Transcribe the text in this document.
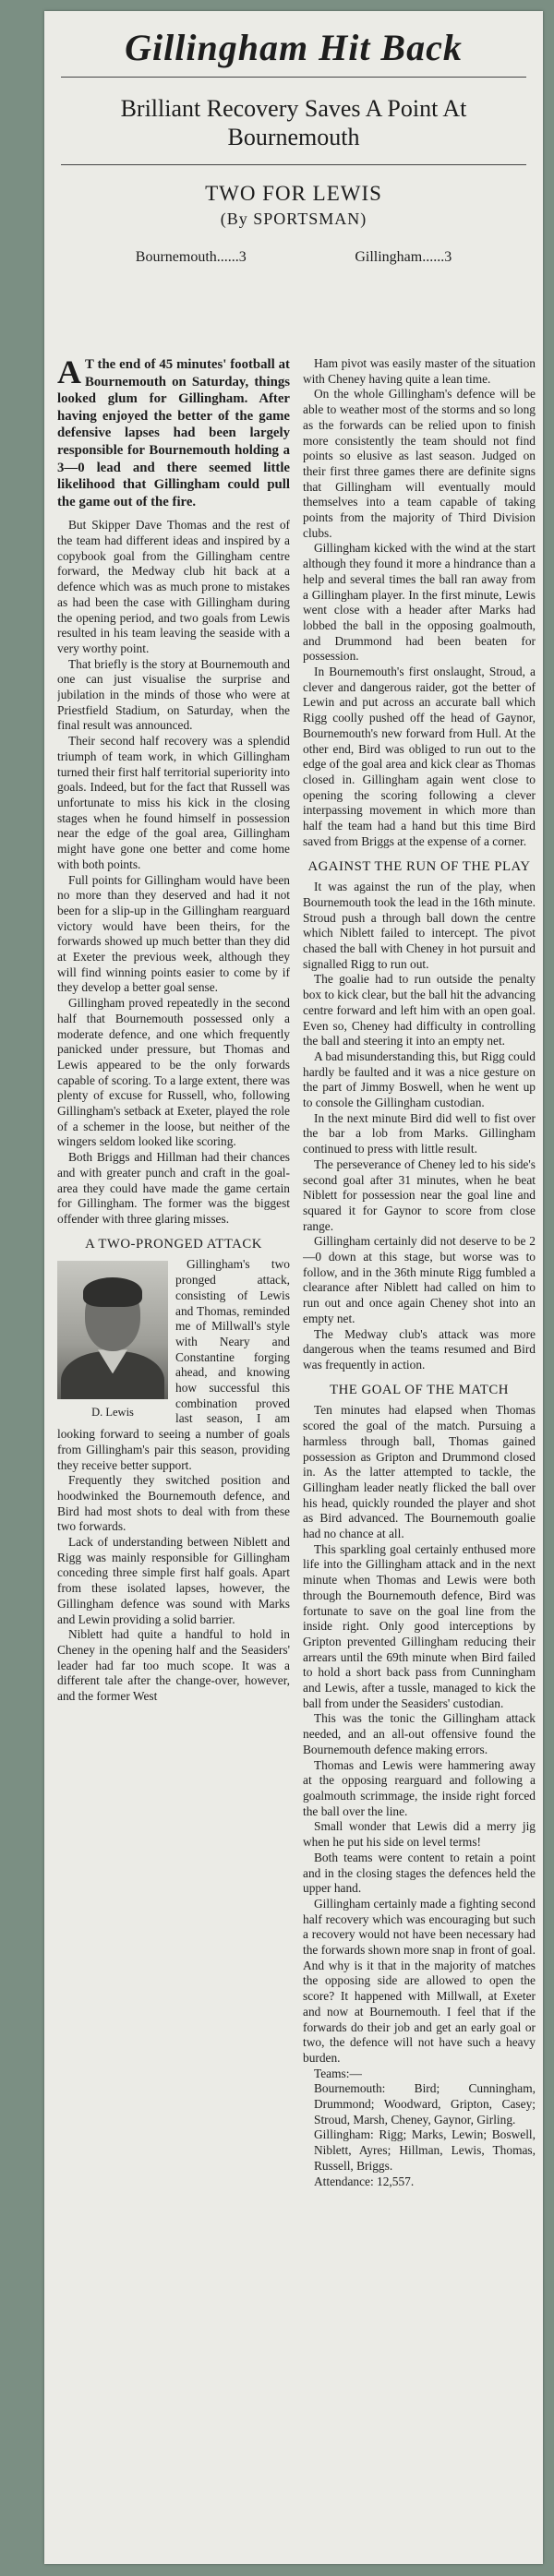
Gillingham Hit Back
Brilliant Recovery Saves A Point At Bournemouth
TWO FOR LEWIS
(By SPORTSMAN)
Bournemouth......3	Gillingham......3

A T the end of 45 minutes' football at Bournemouth on Saturday, things looked glum for Gillingham. After having enjoyed the better of the game defensive lapses had been largely responsible for Bournemouth holding a 3—0 lead and there seemed little likelihood that Gillingham could pull the game out of the fire.

But Skipper Dave Thomas and the rest of the team had different ideas and inspired by a copybook goal from the Gillingham centre forward, the Medway club hit back at a defence which was as much prone to mistakes as had been the case with Gillingham during the opening period, and two goals from Lewis resulted in his team leaving the seaside with a very worthy point.

That briefly is the story at Bournemouth and one can just visualise the surprise and jubilation in the minds of those who were at Priestfield Stadium, on Saturday, when the final result was announced.

Their second half recovery was a splendid triumph of team work, in which Gillingham turned their first half territorial superiority into goals. Indeed, but for the fact that Russell was unfortunate to miss his kick in the closing stages when he found himself in possession near the edge of the goal area, Gillingham might have gone one better and come home with both points.

Full points for Gillingham would have been no more than they deserved and had it not been for a slip-up in the Gillingham rearguard victory would have been theirs, for the forwards showed up much better than they did at Exeter the previous week, although they will find winning points easier to come by if they develop a better goal sense.

Gillingham proved repeatedly in the second half that Bournemouth possessed only a moderate defence, and one which frequently panicked under pressure, but Thomas and Lewis appeared to be the only forwards capable of scoring. To a large extent, there was plenty of excuse for Russell, who, following Gillingham's setback at Exeter, played the role of a schemer in the loose, but neither of the wingers seldom looked like scoring.

Both Briggs and Hillman had their chances and with greater punch and craft in the goal-area they could have made the game certain for Gillingham. The former was the biggest offender with three glaring misses.

A TWO-PRONGED ATTACK
D. Lewis

Gillingham's two pronged attack, consisting of Lewis and Thomas, reminded me of Millwall's style with Neary and Constantine forging ahead, and knowing how successful this combination proved last season, I am looking forward to seeing a number of goals from Gillingham's pair this season, providing they receive better support.

Frequently they switched position and hoodwinked the Bournemouth defence, and Bird had most shots to deal with from these two forwards.

Lack of understanding between Niblett and Rigg was mainly responsible for Gillingham conceding three simple first half goals. Apart from these isolated lapses, however, the Gillingham defence was sound with Marks and Lewin providing a solid barrier.

Niblett had quite a handful to hold in Cheney in the opening half and the Seasiders' leader had far too much scope. It was a different tale after the change-over, however, and the former West

Ham pivot was easily master of the situation with Cheney having quite a lean time.

On the whole Gillingham's defence will be able to weather most of the storms and so long as the forwards can be relied upon to finish more consistently the team should not find points so elusive as last season. Judged on their first three games there are definite signs that Gillingham will eventually mould themselves into a team capable of taking points from the majority of Third Division clubs.

Gillingham kicked with the wind at the start although they found it more a hindrance than a help and several times the ball ran away from a Gillingham player. In the first minute, Lewis went close with a header after Marks had lobbed the ball in the opposing goalmouth, and Drummond had been beaten for possession.

In Bournemouth's first onslaught, Stroud, a clever and dangerous raider, got the better of Lewin and put across an accurate ball which Rigg coolly pushed off the head of Gaynor, Bournemouth's new forward from Hull. At the other end, Bird was obliged to run out to the edge of the goal area and kick clear as Thomas closed in. Gillingham again went close to opening the scoring following a clever interpassing movement in which more than half the team had a hand but this time Bird saved from Briggs at the expense of a corner.

AGAINST THE RUN OF THE PLAY

It was against the run of the play, when Bournemouth took the lead in the 16th minute. Stroud push a through ball down the centre which Niblett failed to intercept. The pivot chased the ball with Cheney in hot pursuit and signalled Rigg to run out.

The goalie had to run outside the penalty box to kick clear, but the ball hit the advancing centre forward and left him with an open goal. Even so, Cheney had difficulty in controlling the ball and steering it into an empty net.

A bad misunderstanding this, but Rigg could hardly be faulted and it was a nice gesture on the part of Jimmy Boswell, when he went up to console the Gillingham custodian.

In the next minute Bird did well to fist over the bar a lob from Marks. Gillingham continued to press with little result.

The perseverance of Cheney led to his side's second goal after 31 minutes, when he beat Niblett for possession near the goal line and squared it for Gaynor to score from close range.

Gillingham certainly did not deserve to be 2—0 down at this stage, but worse was to follow, and in the 36th minute Rigg fumbled a clearance after Niblett had called on him to run out and once again Cheney shot into an empty net.

The Medway club's attack was more dangerous when the teams resumed and Bird was frequently in action.

THE GOAL OF THE MATCH

Ten minutes had elapsed when Thomas scored the goal of the match. Pursuing a harmless through ball, Thomas gained possession as Gripton and Drummond closed in. As the latter attempted to tackle, the Gillingham leader neatly flicked the ball over his head, quickly rounded the player and shot as Bird advanced. The Bournemouth goalie had no chance at all.

This sparkling goal certainly enthused more life into the Gillingham attack and in the next minute when Thomas and Lewis were both through the Bournemouth defence, Bird was fortunate to save on the goal line from the inside right. Only good interceptions by Gripton prevented Gillingham reducing their arrears until the 69th minute when Bird failed to hold a short back pass from Cunningham and Lewis, after a tussle, managed to kick the ball from under the Seasiders' custodian.

This was the tonic the Gillingham attack needed, and an all-out offensive found the Bournemouth defence making errors.

Thomas and Lewis were hammering away at the opposing rearguard and following a goalmouth scrimmage, the inside right forced the ball over the line.

Small wonder that Lewis did a merry jig when he put his side on level terms!

Both teams were content to retain a point and in the closing stages the defences held the upper hand.

Gillingham certainly made a fighting second half recovery which was encouraging but such a recovery would not have been necessary had the forwards shown more snap in front of goal. And why is it that in the majority of matches the opposing side are allowed to open the score? It happened with Millwall, at Exeter and now at Bournemouth. I feel that if the forwards do their job and get an early goal or two, the defence will not have such a heavy burden.

Teams:—

Bournemouth: Bird; Cunningham, Drummond; Woodward, Gripton, Casey; Stroud, Marsh, Cheney, Gaynor, Girling.

Gillingham: Rigg; Marks, Lewin; Boswell, Niblett, Ayres; Hillman, Lewis, Thomas, Russell, Briggs.

Attendance: 12,557.
